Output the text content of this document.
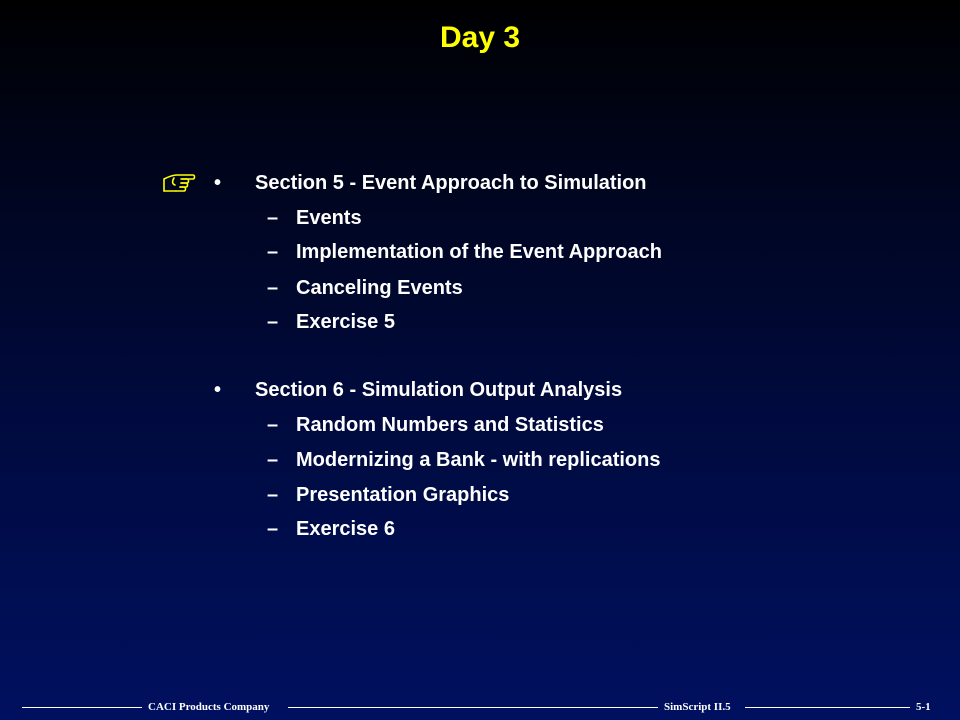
Day 3
•	Section 5 - Event Approach to Simulation
– Events
– Implementation of the Event Approach
– Canceling Events
– Exercise 5
•	Section 6 - Simulation Output Analysis
– Random Numbers and Statistics
– Modernizing a Bank - with replications
– Presentation Graphics
– Exercise 6
CACI Products Company	SimScript II.5	5-1
